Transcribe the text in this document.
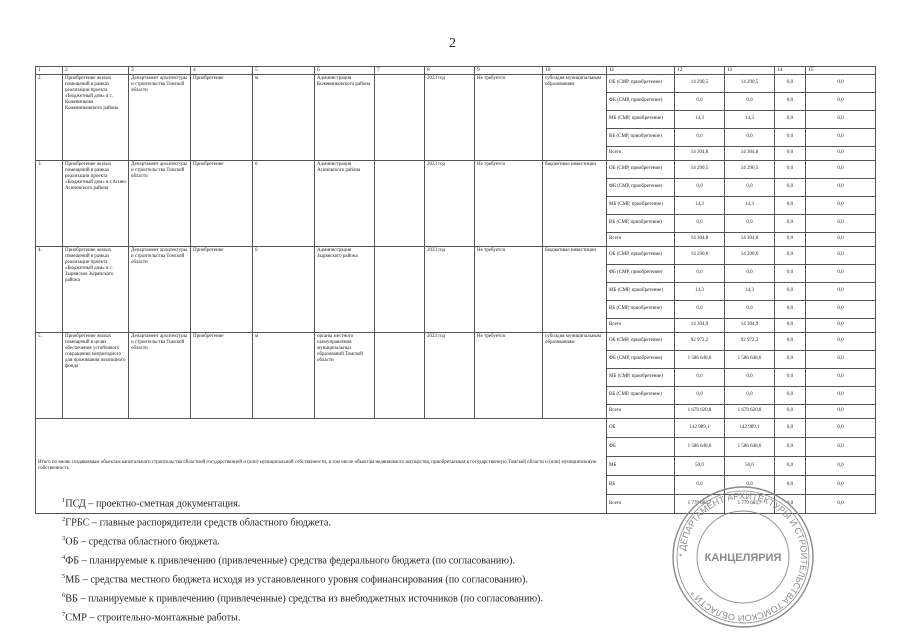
2
1	2	3	4	5	6	7	8	9	10	11	12	13	14	15
2.	Приобретение жилых помещений в рамках реализации проекта «Бюджетный дом» в с. Кожевниково Кожевниковского района	Департамент архитектуры и строительства Томской области	Приобретение	м	Администрация Кожевниковского района		2023 год	Не требуется	субсидия муниципальным образованиям	ОБ (СМР, приобретение)	14 290,5	14 290,5	0,0	0,0
										ФБ (СМР, приобретение)	0,0	0,0	0,0	0,0
										МБ (СМР, приобретение)	14,3	14,3	0,0	0,0
										ВБ (СМР, приобретение)	0,0	0,0	0,0	0,0
										Всего	14 304,8	14 304,8	0,0	0,0
3.	Приобретение жилых помещений в рамках реализации проекта «Бюджетный дом» в г.Асино Асиновского района	Департамент архитектуры и строительства Томской области	Приобретение	0	Администрация Асиновского района		2023 год	Не требуется	бюджетные инвестиции	ОБ (СМР, приобретение)	14 290,5	14 290,5	0,0	0,0
										ФБ (СМР, приобретение)	0,0	0,0	0,0	0,0
										МБ (СМР, приобретение)	14,3	14,3	0,0	0,0
										ВБ (СМР, приобретение)	0,0	0,0	0,0	0,0
										Всего	14 304,8	14 304,8	0,0	0,0
4.	Приобретение жилых помещений в рамках реализации проекта «Бюджетный дом» в с. Зырянское Зырянского района	Департамент архитектуры и строительства Томской области	Приобретение	0	Администрация Зырянского района		2023 год	Не требуется	бюджетные инвестиции	ОБ (СМР, приобретение)	14 290,6	14 290,6	0,0	0,0
										ФБ (СМР, приобретение)	0,0	0,0	0,0	0,0
										МБ (СМР, приобретение)	14,3	14,3	0,0	0,0
										ВБ (СМР, приобретение)	0,0	0,0	0,0	0,0
										Всего	14 304,9	14 304,9	0,0	0,0
5.	Приобретение жилых помещений в целях обеспечения устойчивого сокращения непригодного для проживания жилищного фонда	Департамент архитектуры и строительства Томской области	Приобретение	м	органы местного самоуправления муниципальных образований Томской области		2023 год	Не требуется	субсидия муниципальным образованиям	ОБ (СМР, приобретение)	92 972,2	92 972,2	0,0	0,0
										ФБ (СМР, приобретение)	1 586 648,6	1 586 648,6	0,0	0,0
										МБ (СМР, приобретение)	0,0	0,0	0,0	0,0
										ВБ (СМР, приобретение)	0,0	0,0	0,0	0,0
										Всего	1 679 620,8	1 679 620,8	0,0	0,0
Итого по вновь создаваемым объектам капитального строительства областной государственной и (или) муниципальной собственности, в том числе объектам недвижимого имущества, приобретаемым в государственную Томской области и (или) муниципальную собственность										ОБ	142 989,1	142 989,1	0,0	0,0
										ФБ	1 586 648,6	1 586 648,6	0,0	0,0
										МБ	50,0	50,0	0,0	0,0
										ВБ	0,0	0,0	0,0	0,0
										Всего	1 779 683,7	1 779 683,7	0,0	0,0
$^1$ПСД – проектно-сметная документация.
$^2$ГРБС – главные распорядители средств областного бюджета.
$^3$ОБ – средства областного бюджета.
$^4$ФБ – планируемые к привлечению (привлеченные) средства федерального бюджета (по согласованию).
$^5$МБ – средства местного бюджета исходя из установленного уровня софинансирования (по согласованию).
$^6$ВБ – планируемые к привлечению (привлеченные) средства из внебюджетных источников (по согласованию).
$^7$СМР – строительно-монтажные работы.
* ДЕПАРТАМЕНТ АРХИТЕКТУРЫ И СТРОИТЕЛЬСТВА ТОМСКОЙ ОБЛАСТИ *
КАНЦЕЛЯРИЯ
